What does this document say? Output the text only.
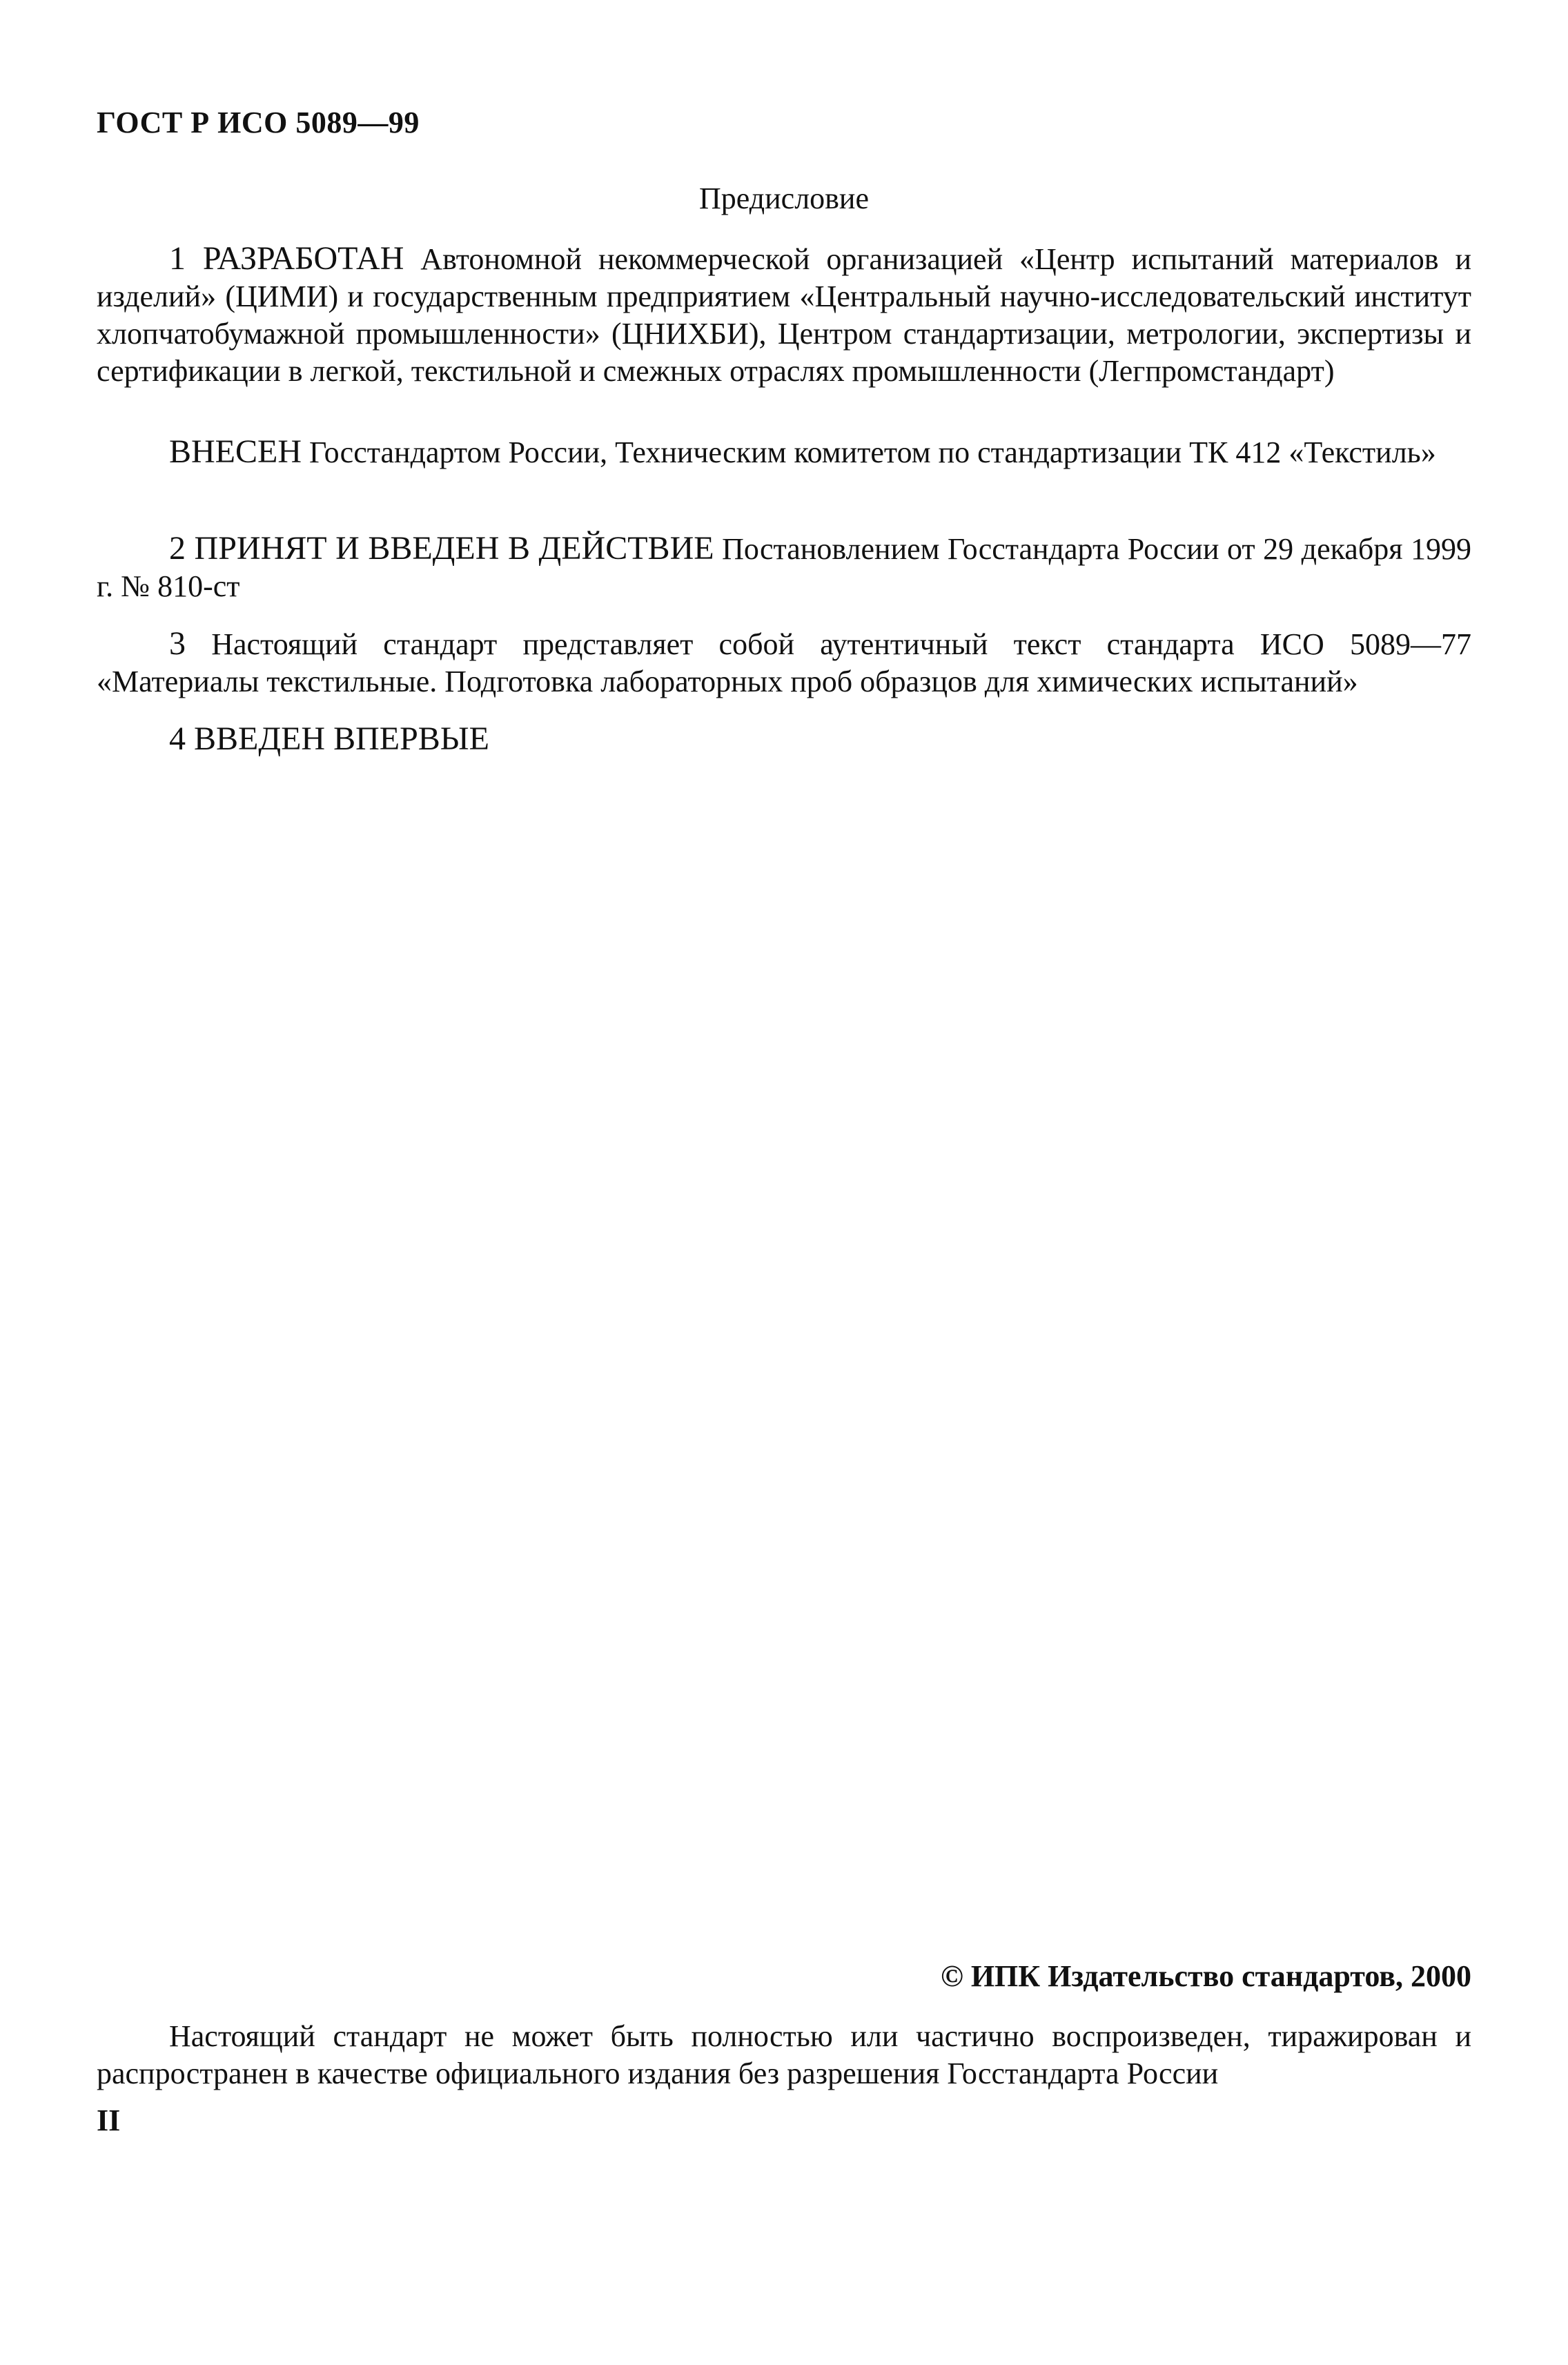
ГОСТ Р ИСО 5089—99
Предисловие

1 РАЗРАБОТАН Автономной некоммерческой организацией «Центр испытаний материалов и изделий» (ЦИМИ) и государственным предприятием «Центральный научно-исследовательский институт хлопчатобумажной промышленности» (ЦНИХБИ), Центром стандартизации, метрологии, экспертизы и сертификации в легкой, текстильной и смежных отраслях промышленности (Легпромстандарт)

ВНЕСЕН Госстандартом России, Техническим комитетом по стандартизации ТК 412 «Текстиль»

2 ПРИНЯТ И ВВЕДЕН В ДЕЙСТВИЕ Постановлением Госстандарта России от 29 декабря 1999 г. № 810-ст

3 Настоящий стандарт представляет собой аутентичный текст стандарта ИСО 5089—77 «Материалы текстильные. Подготовка лабораторных проб образцов для химических испытаний»

4 ВВЕДЕН ВПЕРВЫЕ

© ИПК Издательство стандартов, 2000

Настоящий стандарт не может быть полностью или частично воспроизведен, тиражирован и распространен в качестве официального издания без разрешения Госстандарта России

II
